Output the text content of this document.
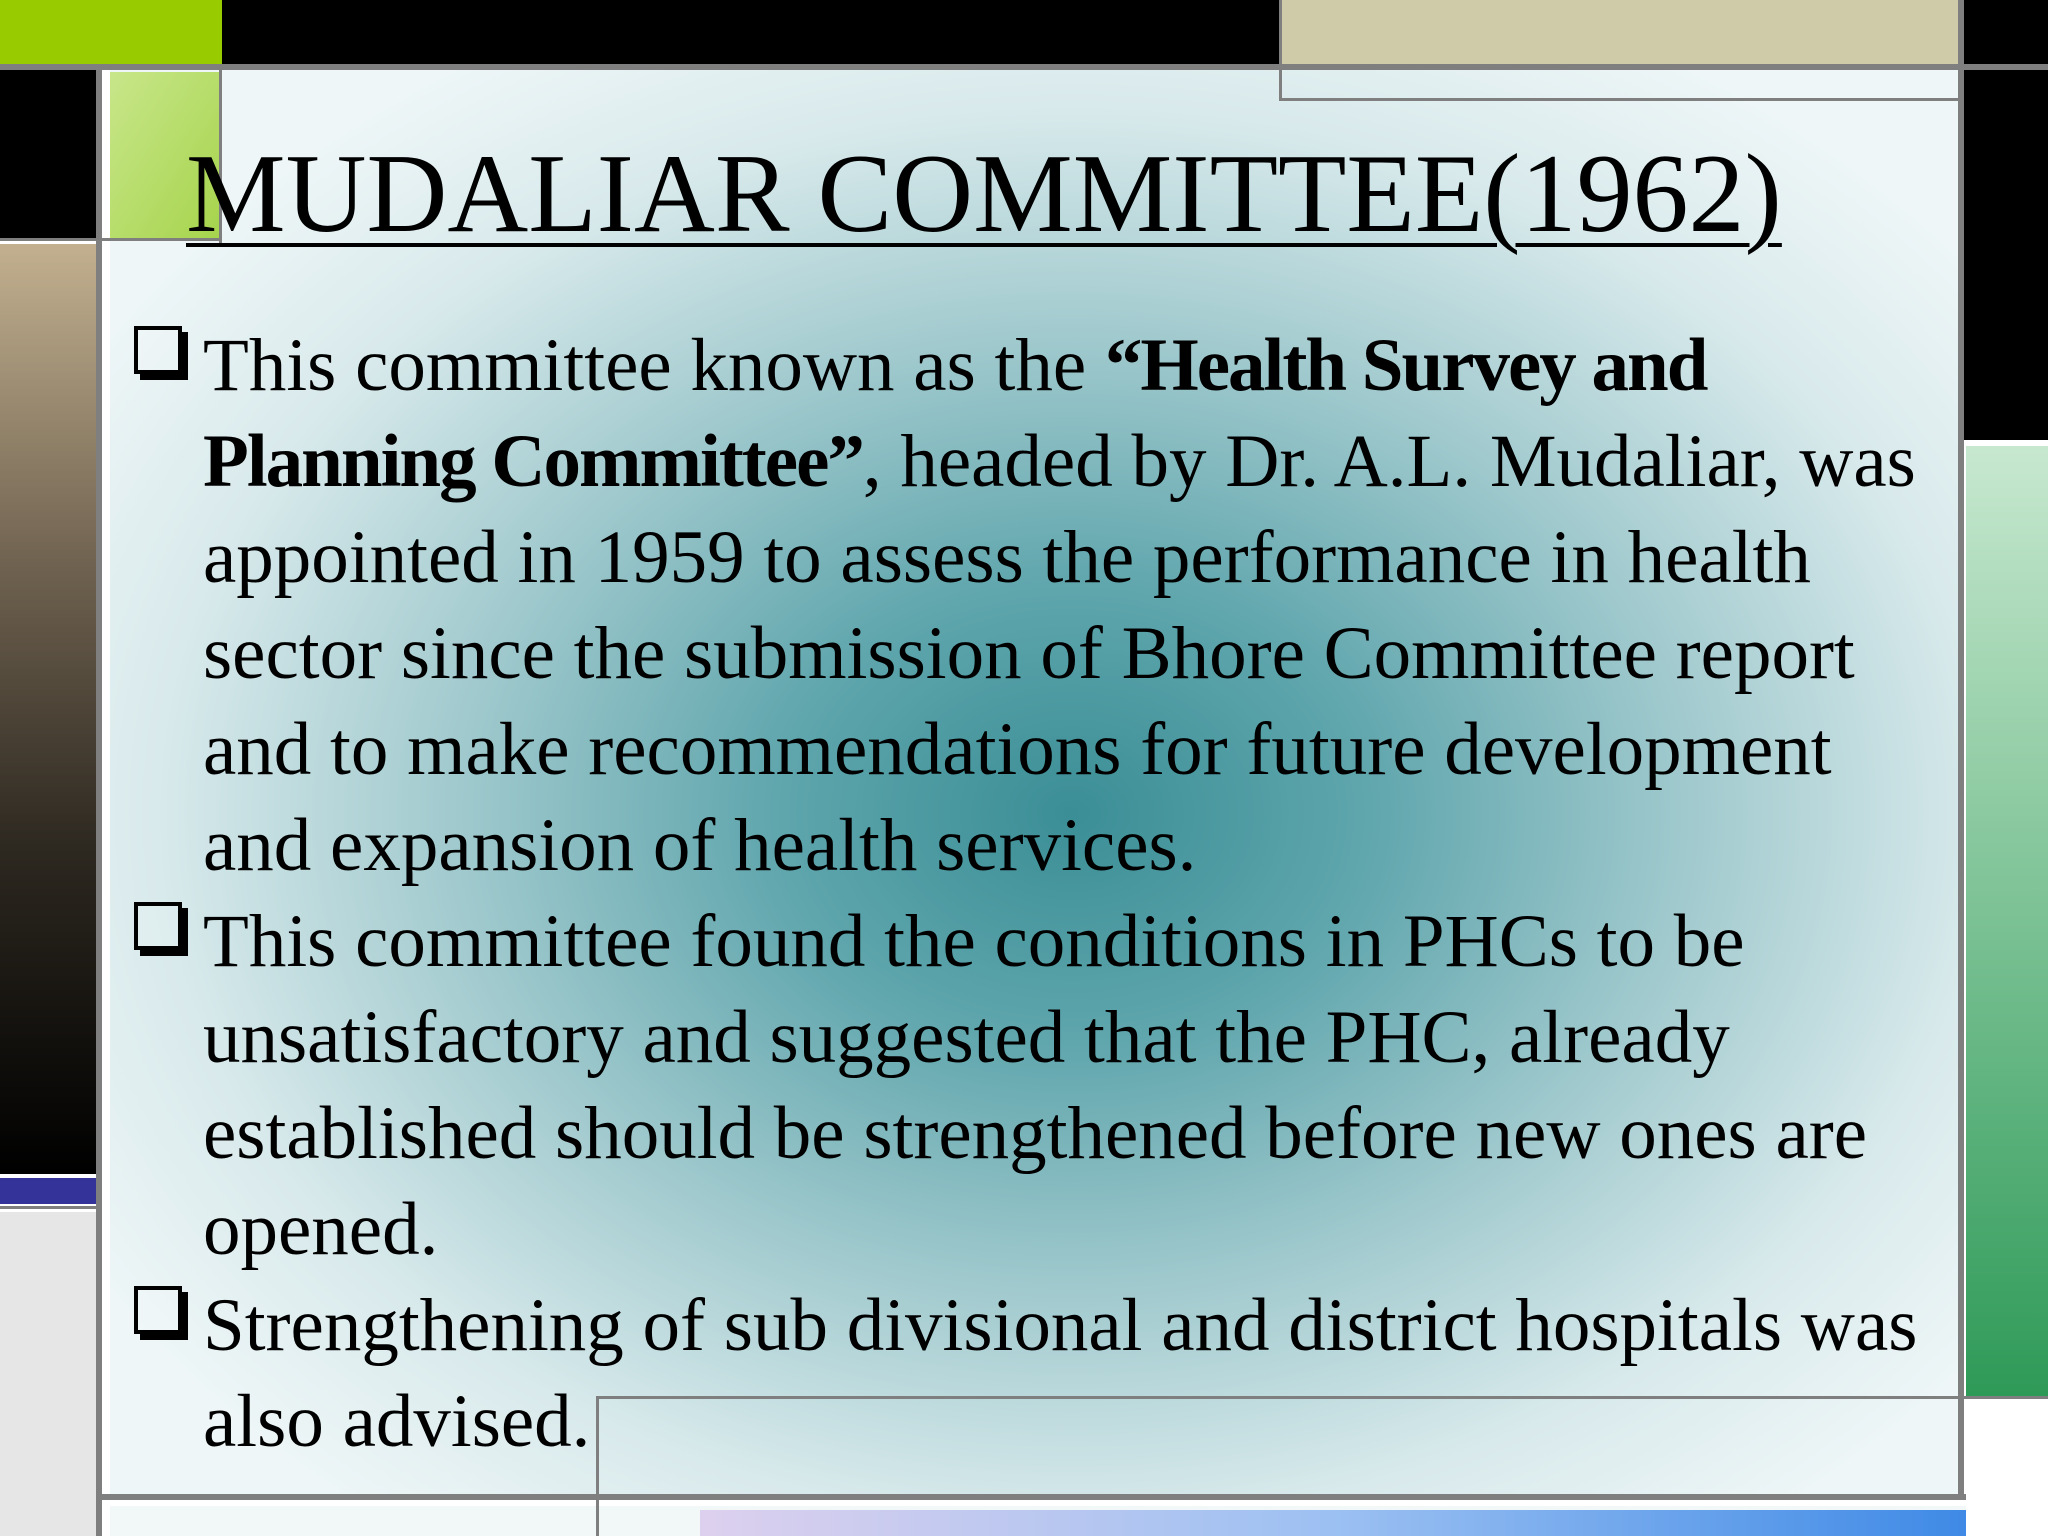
MUDALIAR COMMITTEE(1962)
This committee known as the “Health Survey and Planning Committee”, headed by Dr. A.L. Mudaliar, was appointed in 1959 to assess the performance in health sector since the submission of Bhore Committee report and to make recommendations for future development and expansion of health services.
This committee found the conditions in PHCs to be unsatisfactory and suggested that the PHC, already established should be strengthened before new ones are opened.
Strengthening of sub divisional and district hospitals was also advised.
